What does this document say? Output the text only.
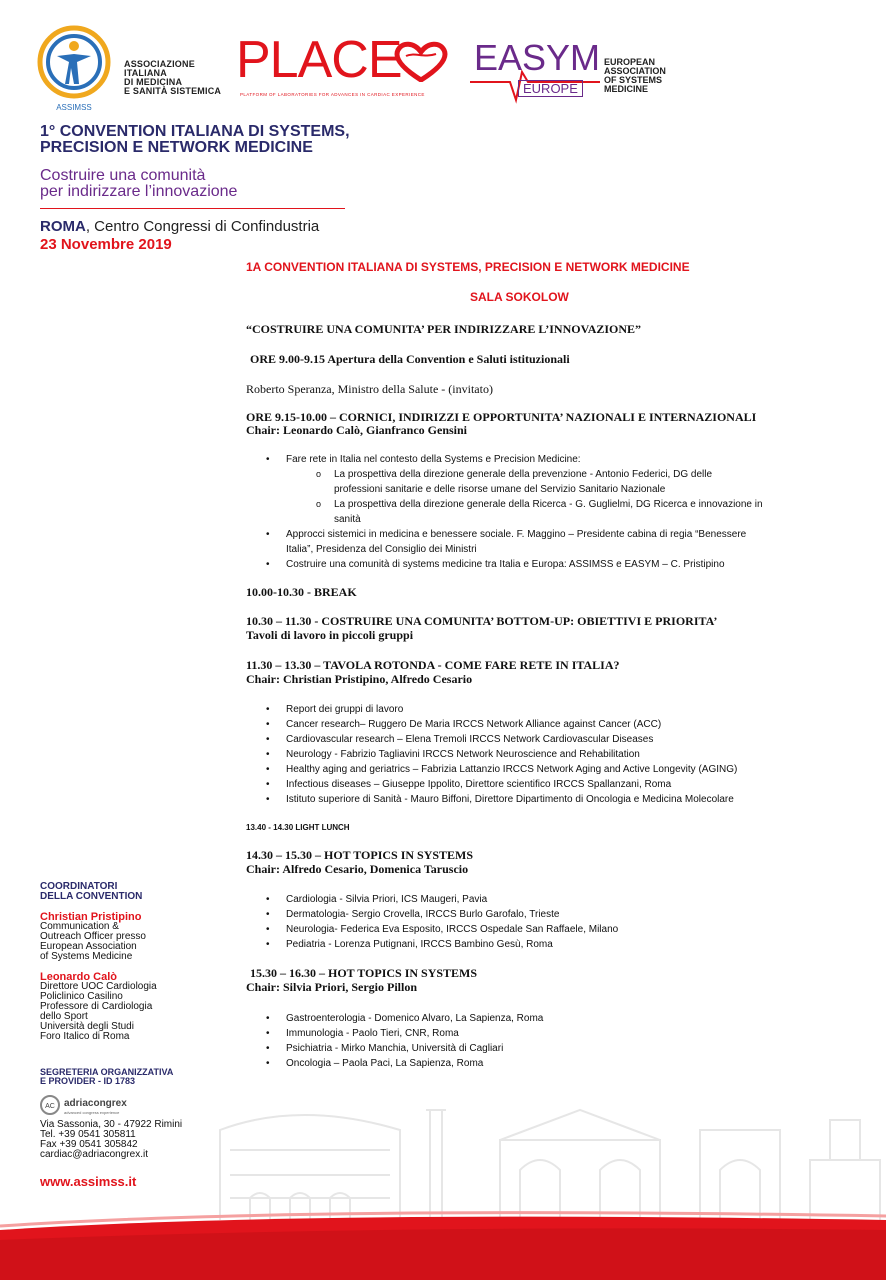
ASSIMSS
ASSOCIAZIONE
ITALIANA
DI MEDICINA
E SANITÀ SISTEMICA
PLACE
PLATFORM OF LABORATORIES FOR ADVANCES IN CARDIAC EXPERIENCE
EASYM
EUROPE
EUROPEAN
ASSOCIATION
OF SYSTEMS
MEDICINE
1° CONVENTION ITALIANA DI SYSTEMS,
PRECISION E NETWORK MEDICINE
Costruire una comunità
per indirizzare l’innovazione
ROMA, Centro Congressi di Confindustria
23 Novembre 2019
COORDINATORI
DELLA CONVENTION
Christian Pristipino
Communication &
Outreach Officer presso
European Association
of Systems Medicine
Leonardo Calò
Direttore UOC Cardiologia
Policlinico Casilino
Professore di Cardiologia
dello Sport
Università degli Studi
Foro Italico di Roma
SEGRETERIA ORGANIZZATIVA
E PROVIDER - ID 1783
AC adriacongrex
advanced congress experience
Via Sassonia, 30 - 47922 Rimini
Tel. +39 0541 305811
Fax +39 0541 305842
cardiac@adriacongrex.it
www.assimss.it
1A CONVENTION ITALIANA DI SYSTEMS, PRECISION E NETWORK MEDICINE
SALA SOKOLOW
“COSTRUIRE UNA COMUNITA’ PER INDIRIZZARE L’INNOVAZIONE”
ORE 9.00-9.15 Apertura della Convention e Saluti istituzionali
Roberto Speranza, Ministro della Salute - (invitato)
ORE 9.15-10.00 – CORNICI, INDIRIZZI E OPPORTUNITA’ NAZIONALI E INTERNAZIONALI
Chair: Leonardo Calò, Gianfranco Gensini
• Fare rete in Italia nel contesto della Systems e Precision Medicine:
o La prospettiva della direzione generale della prevenzione - Antonio Federici, DG delle
professioni sanitarie e delle risorse umane del Servizio Sanitario Nazionale
o La prospettiva della direzione generale della Ricerca - G. Guglielmi, DG Ricerca e innovazione in
sanità
• Approcci sistemici in medicina e benessere sociale. F. Maggino – Presidente cabina di regia “Benessere
Italia”, Presidenza del Consiglio dei Ministri
• Costruire una comunità di systems medicine tra Italia e Europa: ASSIMSS e EASYM – C. Pristipino
10.00-10.30 - BREAK
10.30 – 11.30 - COSTRUIRE UNA COMUNITA’ BOTTOM-UP: OBIETTIVI E PRIORITA’
Tavoli di lavoro in piccoli gruppi
11.30 – 13.30 – TAVOLA ROTONDA - COME FARE RETE IN ITALIA?
Chair: Christian Pristipino, Alfredo Cesario
• Report dei gruppi di lavoro
• Cancer research– Ruggero De Maria IRCCS Network Alliance against Cancer (ACC)
• Cardiovascular research – Elena Tremoli IRCCS Network Cardiovascular Diseases
• Neurology - Fabrizio Tagliavini IRCCS Network Neuroscience and Rehabilitation
• Healthy aging and geriatrics – Fabrizia Lattanzio IRCCS Network Aging and Active Longevity (AGING)
• Infectious diseases – Giuseppe Ippolito, Direttore scientifico IRCCS Spallanzani, Roma
• Istituto superiore di Sanità - Mauro Biffoni, Direttore Dipartimento di Oncologia e Medicina Molecolare
13.40 - 14.30 LIGHT LUNCH
14.30 – 15.30 – HOT TOPICS IN SYSTEMS
Chair: Alfredo Cesario, Domenica Taruscio
• Cardiologia - Silvia Priori, ICS Maugeri, Pavia
• Dermatologia- Sergio Crovella, IRCCS Burlo Garofalo, Trieste
• Neurologia- Federica Eva Esposito, IRCCS Ospedale San Raffaele, Milano
• Pediatria - Lorenza Putignani, IRCCS Bambino Gesù, Roma
15.30 – 16.30 – HOT TOPICS IN SYSTEMS
Chair: Silvia Priori, Sergio Pillon
• Gastroenterologia - Domenico Alvaro, La Sapienza, Roma
• Immunologia - Paolo Tieri, CNR, Roma
• Psichiatria - Mirko Manchia, Università di Cagliari
• Oncologia – Paola Paci, La Sapienza, Roma
